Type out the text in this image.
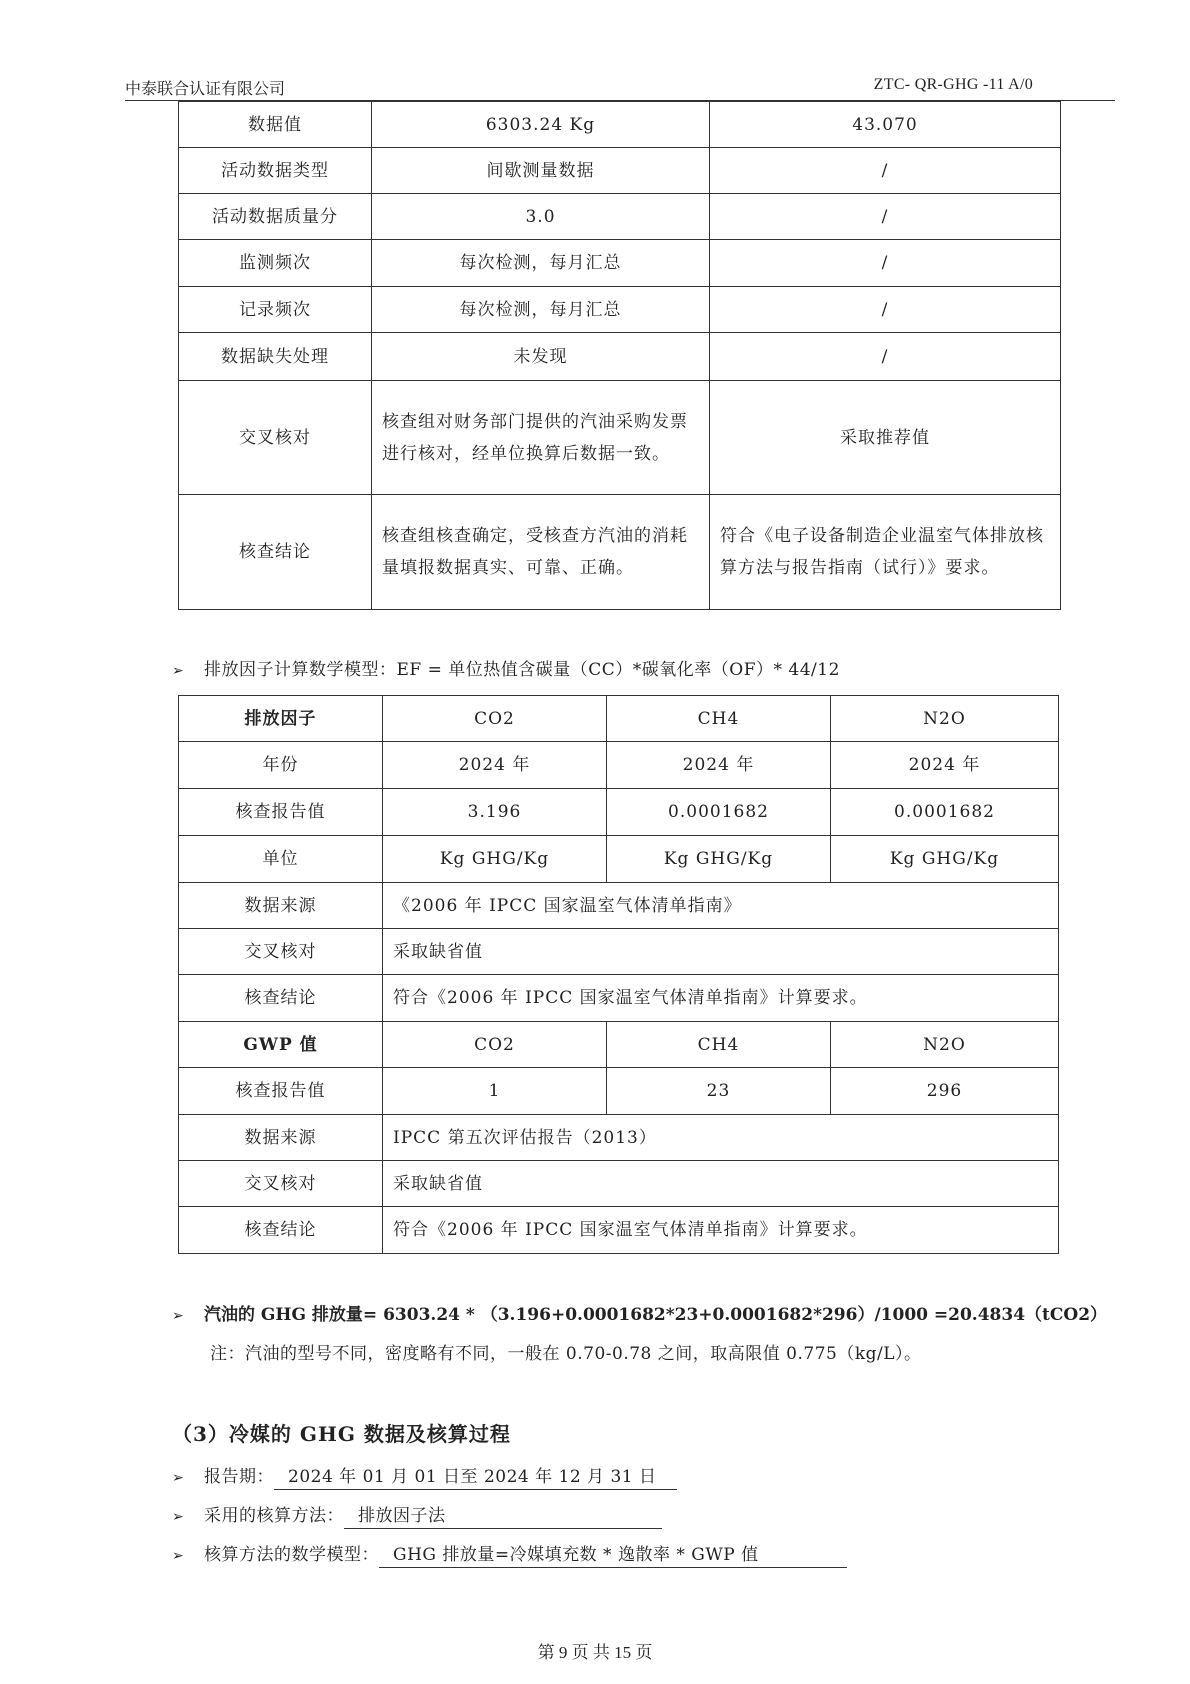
中泰联合认证有限公司	ZTC- QR-GHG -11 A/0
数据值	6303.24 Kg	43.070
活动数据类型	间歇测量数据	/
活动数据质量分	3.0	/
监测频次	每次检测，每月汇总	/
记录频次	每次检测，每月汇总	/
数据缺失处理	未发现	/
交叉核对	核查组对财务部门提供的汽油采购发票进行核对，经单位换算后数据一致。	采取推荐值
核查结论	核查组核查确定，受核查方汽油的消耗量填报数据真实、可靠、正确。	符合《电子设备制造企业温室气体排放核算方法与报告指南（试行）》要求。
➢ 排放因子计算数学模型：EF = 单位热值含碳量（CC）*碳氧化率（OF）* 44/12
排放因子	CO2	CH4	N2O
年份	2024 年	2024 年	2024 年
核查报告值	3.196	0.0001682	0.0001682
单位	Kg GHG/Kg	Kg GHG/Kg	Kg GHG/Kg
数据来源	《2006 年 IPCC 国家温室气体清单指南》		
交叉核对	采取缺省值		
核查结论	符合《2006 年 IPCC 国家温室气体清单指南》计算要求。		
GWP 值	CO2	CH4	N2O
核查报告值	1	23	296
数据来源	IPCC 第五次评估报告（2013）		
交叉核对	采取缺省值		
核查结论	符合《2006 年 IPCC 国家温室气体清单指南》计算要求。		
➢ 汽油的 GHG 排放量= 6303.24 * （3.196+0.0001682*23+0.0001682*296）/1000 =20.4834（tCO2）
注：汽油的型号不同，密度略有不同，一般在 0.70-0.78 之间，取高限值 0.775（kg/L）。
（3）冷媒的 GHG 数据及核算过程
➢ 报告期： 2024 年 01 月 01 日至 2024 年 12 月 31 日
➢ 采用的核算方法： 排放因子法
➢ 核算方法的数学模型： GHG 排放量=冷媒填充数 * 逸散率 * GWP 值
第 9 页 共 15 页
